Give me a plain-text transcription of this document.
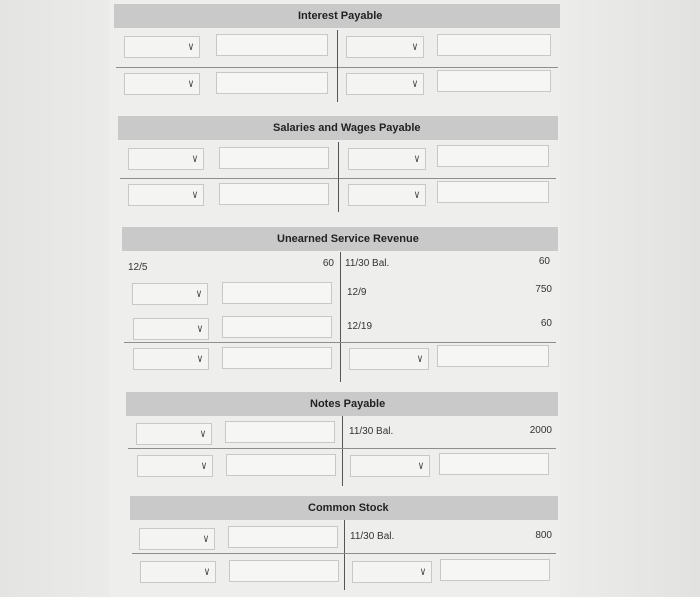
Interest Payable
∨	∨
∨	∨
Salaries and Wages Payable
∨	∨
∨	∨
Unearned Service Revenue
12/5	60 11/30 Bal.	60
∨	12/9	750
∨	12/19	60
∨	∨
Notes Payable
∨	11/30 Bal.	2000
∨	∨
Common Stock
∨	11/30 Bal.	800
∨	∨
